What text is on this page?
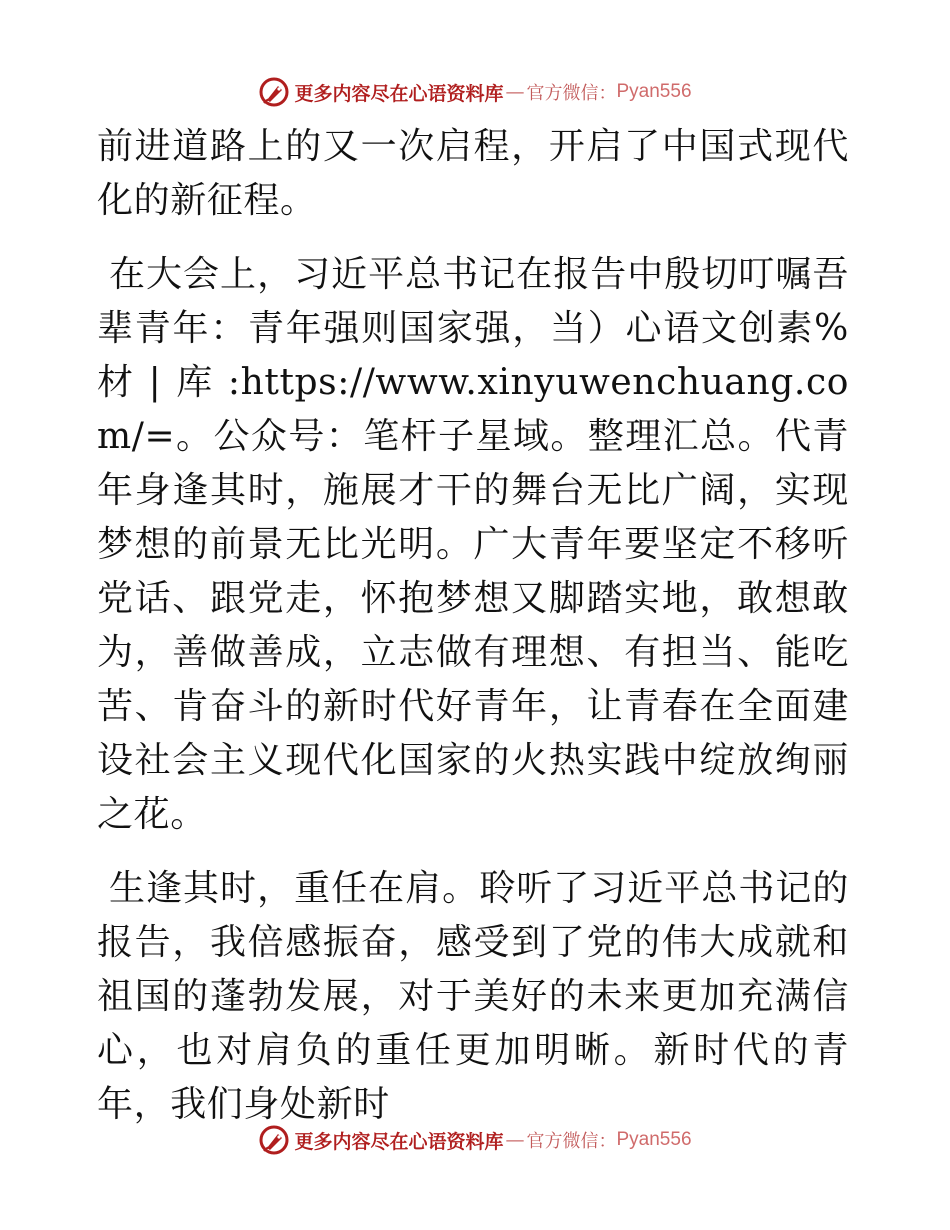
更多内容尽在心语资料库 — 官方微信： Pyan556

前进道路上的又一次启程，开启了中国式现代化的新征程。

在大会上，习近平总书记在报告中殷切叮嘱吾辈青年：青年强则国家强，当）心语文创素%材|库:https://www.xinyuwenchuang.com/=。公众号：笔杆子星域。整理汇总。代青年身逢其时，施展才干的舞台无比广阔，实现梦想的前景无比光明。广大青年要坚定不移听党话、跟党走，怀抱梦想又脚踏实地，敢想敢为，善做善成，立志做有理想、有担当、能吃苦、肯奋斗的新时代好青年，让青春在全面建设社会主义现代化国家的火热实践中绽放绚丽之花。

生逢其时，重任在肩。聆听了习近平总书记的报告，我倍感振奋，感受到了党的伟大成就和祖国的蓬勃发展，对于美好的未来更加充满信心，也对肩负的重任更加明晰。新时代的青年，我们身处新时

更多内容尽在心语资料库 — 官方微信： Pyan556
